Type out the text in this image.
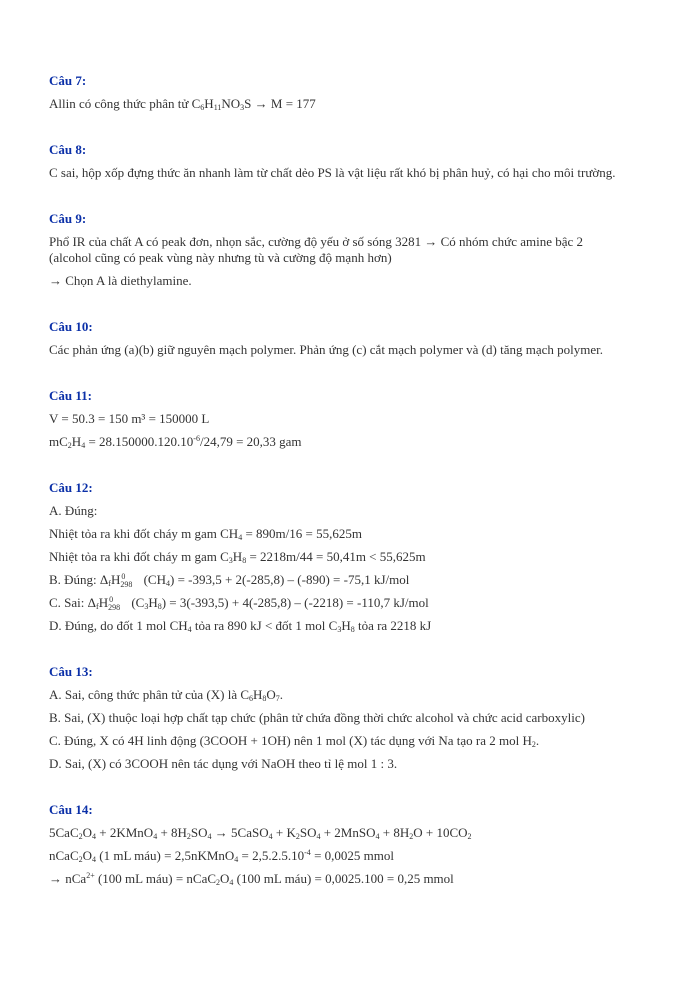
Câu 7:
Allin có công thức phân tử $C_6H_{11}NO_3S \to M = 177$
Câu 8:
C sai, hộp xốp đựng thức ăn nhanh làm từ chất dẻo PS là vật liệu rất khó bị phân huỷ, có hại cho môi trường.
Câu 9:
Phổ IR của chất A có peak đơn, nhọn sắc, cường độ yếu ở số sóng 3281 → Có nhóm chức amine bậc 2
(alcohol cũng có peak vùng này nhưng tù và cường độ mạnh hơn)
→ Chọn A là diethylamine.
Câu 10:
Các phản ứng (a)(b) giữ nguyên mạch polymer. Phản ứng (c) cắt mạch polymer và (d) tăng mạch polymer.
Câu 11:
V = 50.3 = 150 m³ = 150000 L
$mC_2H_4 = 28.150000.120.10^{-6}/24,79 = 20,33$ gam
Câu 12:
A. Đúng:
Nhiệt tỏa ra khi đốt cháy m gam $CH_4 = 890m/16 = 55,625m$
Nhiệt tỏa ra khi đốt cháy m gam $C_3H_8 = 2218m/44 = 50,41m < 55,625m$
B. Đúng: $\Delta_fH$ 0
298 $(CH_4) = -393,5 + 2(-285,8) - (-890) = -75,1$ kJ/mol
C. Sai: $\Delta_fH$ 0
298 $(C_3H_8) = 3(-393,5) + 4(-285,8) - (-2218) = -110,7$ kJ/mol
D. Đúng, do đốt 1 mol $CH_4$ tỏa ra 890 kJ < đốt 1 mol $C_3H_8$ tỏa ra 2218 kJ
Câu 13:
A. Sai, công thức phân tử của (X) là $C_6H_8O_7$.
B. Sai, (X) thuộc loại hợp chất tạp chức (phân tử chứa đồng thời chức alcohol và chức acid carboxylic)
C. Đúng, X có 4H linh động (3COOH + 1OH) nên 1 mol (X) tác dụng với Na tạo ra 2 mol $H_2$.
D. Sai, (X) có 3COOH nên tác dụng với NaOH theo tỉ lệ mol 1 : 3.
Câu 14:
$5CaC_2O_4$ + 2KMnO$_4$ + $8H_2SO_4$ → 5CaSO$_4$ + $K_2SO_4$ + 2MnSO$_4$ + $8H_2O + 10CO_2$
$nCaC_2O_4$ (1 mL máu) = 2,5nKMnO$_4$ = $2,5.2.5.10^{-4} = 0,0025$ mmol
→ nCa$^{2+}$ (100 mL máu) = $nCaC_2O_4$ (100 mL máu) = 0,0025.100 = 0,25 mmol
